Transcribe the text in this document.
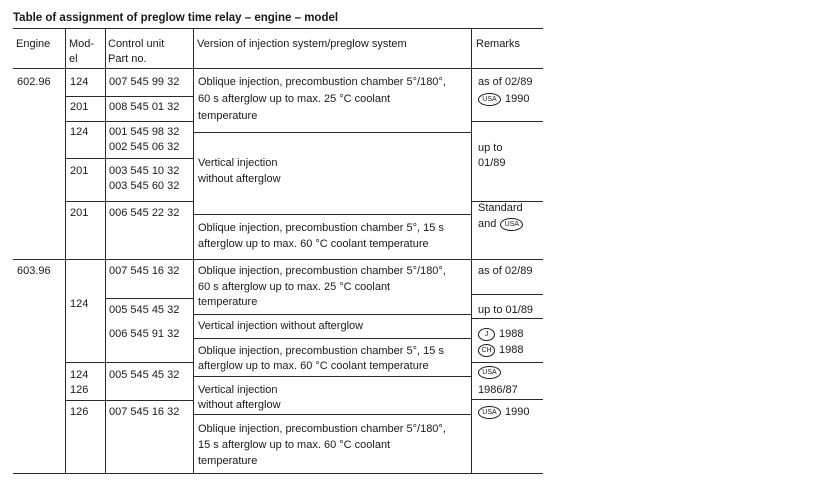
Table of assignment of preglow time relay – engine – model
Engine Mod-
el
Control unit
Part no.
Version of injection system/preglow system	Remarks
602.96
603.96
124
201
124
201
201
124
124
126
126
007 545 99 32
008 545 01 32
001 545 98 32
002 545 06 32
003 545 10 32
003 545 60 32
006 545 22 32
007 545 16 32
005 545 45 32
006 545 91 32
005 545 45 32
007 545 16 32
Oblique injection, precombustion chamber 5°/180°,
60 s afterglow up to max. 25 °C coolant
temperature
Vertical injection
without afterglow
Oblique injection, precombustion chamber 5°, 15 s
afterglow up to max. 60 °C coolant temperature
Oblique injection, precombustion chamber 5°/180°,
60 s afterglow up to max. 25 °C coolant
temperature
Vertical injection without afterglow
Oblique injection, precombustion chamber 5°, 15 s
afterglow up to max. 60 °C coolant temperature
Vertical injection
without afterglow
Oblique injection, precombustion chamber 5°/180°,
15 s afterglow up to max. 60 °C coolant
temperature
as of 02/89
USA 1990
up to
01/89
Standard
and	USA
as of 02/89
up to 01/89
J 1988
CH 1988
USA
1986/87
USA 1990
